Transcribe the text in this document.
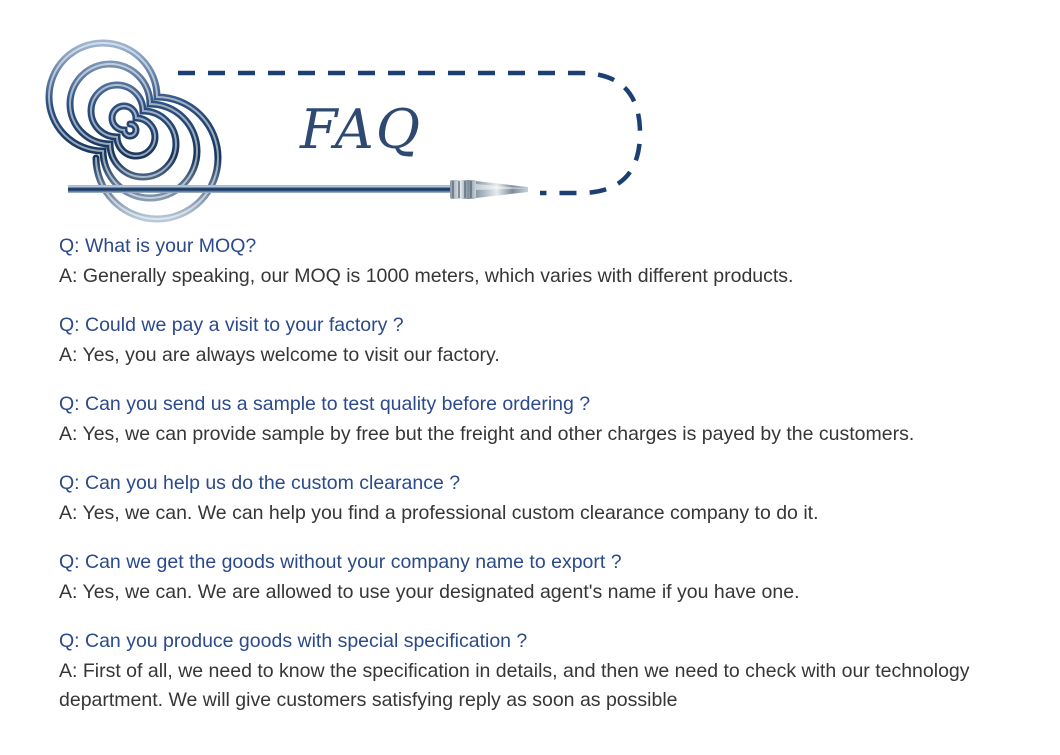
FAQ

Q: What is your MOQ?

A: Generally speaking, our MOQ is 1000 meters, which varies with different products.

Q: Could we pay a visit to your factory ?

A: Yes, you are always welcome to visit our factory.

Q: Can you send us a sample to test quality before ordering ?

A: Yes, we can provide sample by free but the freight and other charges is payed by the customers.

Q: Can you help us do the custom clearance ?

A: Yes, we can. We can help you find a professional custom clearance company to do it.

Q: Can we get the goods without your company name to export ?

A: Yes, we can. We are allowed to use your designated agent's name if you have one.

Q: Can you produce goods with special specification ?

A: First of all, we need to know the specification in details, and then we need to check with our technology department. We will give customers satisfying reply as soon as possible
